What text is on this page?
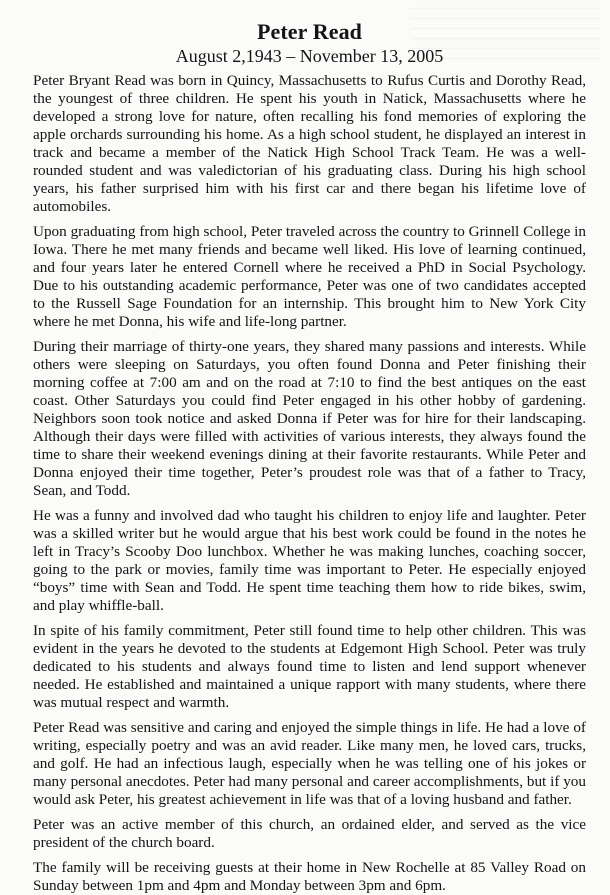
Peter Read
August 2,1943 – November 13, 2005

Peter Bryant Read was born in Quincy, Massachusetts to Rufus Curtis and Dorothy Read, the youngest of three children. He spent his youth in Natick, Massachusetts where he developed a strong love for nature, often recalling his fond memories of exploring the apple orchards surrounding his home. As a high school student, he displayed an interest in track and became a member of the Natick High School Track Team. He was a well-rounded student and was valedictorian of his graduating class. During his high school years, his father surprised him with his first car and there began his lifetime love of automobiles.

Upon graduating from high school, Peter traveled across the country to Grinnell College in Iowa. There he met many friends and became well liked. His love of learning continued, and four years later he entered Cornell where he received a PhD in Social Psychology. Due to his outstanding academic performance, Peter was one of two candidates accepted to the Russell Sage Foundation for an internship. This brought him to New York City where he met Donna, his wife and life-long partner.

During their marriage of thirty-one years, they shared many passions and interests. While others were sleeping on Saturdays, you often found Donna and Peter finishing their morning coffee at 7:00 am and on the road at 7:10 to find the best antiques on the east coast. Other Saturdays you could find Peter engaged in his other hobby of gardening. Neighbors soon took notice and asked Donna if Peter was for hire for their landscaping. Although their days were filled with activities of various interests, they always found the time to share their weekend evenings dining at their favorite restaurants. While Peter and Donna enjoyed their time together, Peter’s proudest role was that of a father to Tracy, Sean, and Todd.

He was a funny and involved dad who taught his children to enjoy life and laughter. Peter was a skilled writer but he would argue that his best work could be found in the notes he left in Tracy’s Scooby Doo lunchbox. Whether he was making lunches, coaching soccer, going to the park or movies, family time was important to Peter. He especially enjoyed “boys” time with Sean and Todd. He spent time teaching them how to ride bikes, swim, and play whiffle-ball.

In spite of his family commitment, Peter still found time to help other children. This was evident in the years he devoted to the students at Edgemont High School. Peter was truly dedicated to his students and always found time to listen and lend support whenever needed. He established and maintained a unique rapport with many students, where there was mutual respect and warmth.

Peter Read was sensitive and caring and enjoyed the simple things in life. He had a love of writing, especially poetry and was an avid reader. Like many men, he loved cars, trucks, and golf. He had an infectious laugh, especially when he was telling one of his jokes or many personal anecdotes. Peter had many personal and career accomplishments, but if you would ask Peter, his greatest achievement in life was that of a loving husband and father.

Peter was an active member of this church, an ordained elder, and served as the vice president of the church board.

The family will be receiving guests at their home in New Rochelle at 85 Valley Road on Sunday between 1pm and 4pm and Monday between 3pm and 6pm.
